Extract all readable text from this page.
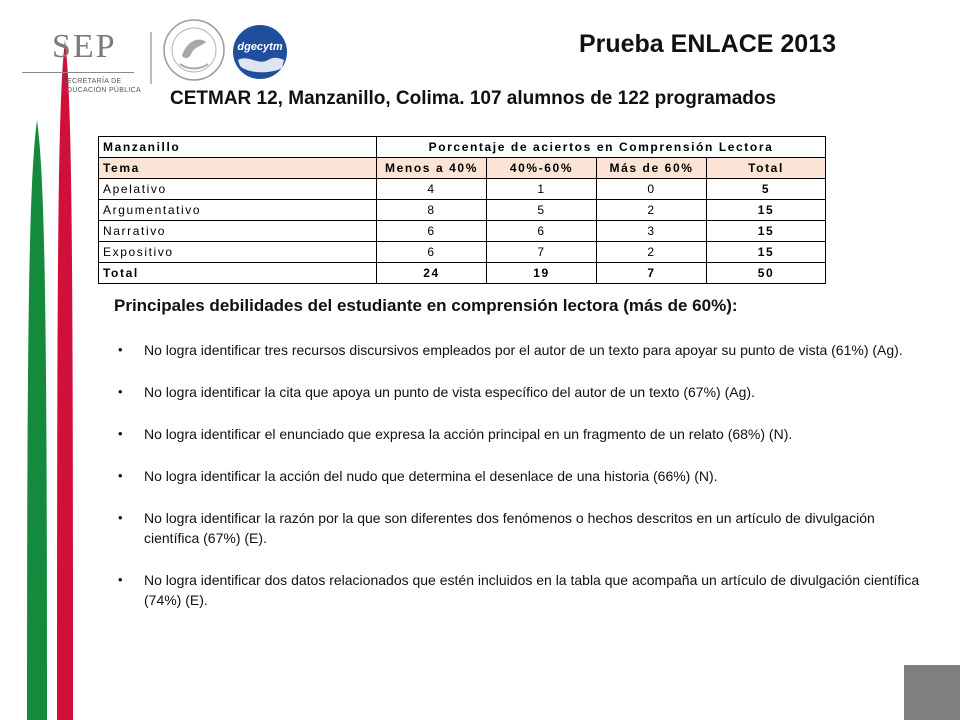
SEP
SECRETARÍA DE
EDUCACIÓN PÚBLICA
dgecytm	Prueba ENLACE 2013
CETMAR 12, Manzanillo, Colima. 107 alumnos de 122 programados
Manzanillo	Porcentaje de aciertos en Comprensión Lectora			
Tema	Menos a 40%	40%-60%	Más de 60%	Total
Apelativo	4	1	0	5
Argumentativo	8	5	2	15
Narrativo	6	6	3	15
Expositivo	6	7	2	15
Total	24	19	7	50
Principales debilidades del estudiante en comprensión lectora (más de 60%):
• No logra identificar tres recursos discursivos empleados por el autor de un texto para apoyar su punto de vista (61%) (Ag).
• No logra identificar la cita que apoya un punto de vista específico del autor de un texto (67%) (Ag).
• No logra identificar el enunciado que expresa la acción principal en un fragmento de un relato (68%) (N).
• No logra identificar la acción del nudo que determina el desenlace de una historia (66%) (N).
• No logra identificar la razón por la que son diferentes dos fenómenos o hechos descritos en un artículo de divulgación científica (67%) (E).
• No logra identificar dos datos relacionados que estén incluidos en la tabla que acompaña un artículo de divulgación científica (74%) (E).
